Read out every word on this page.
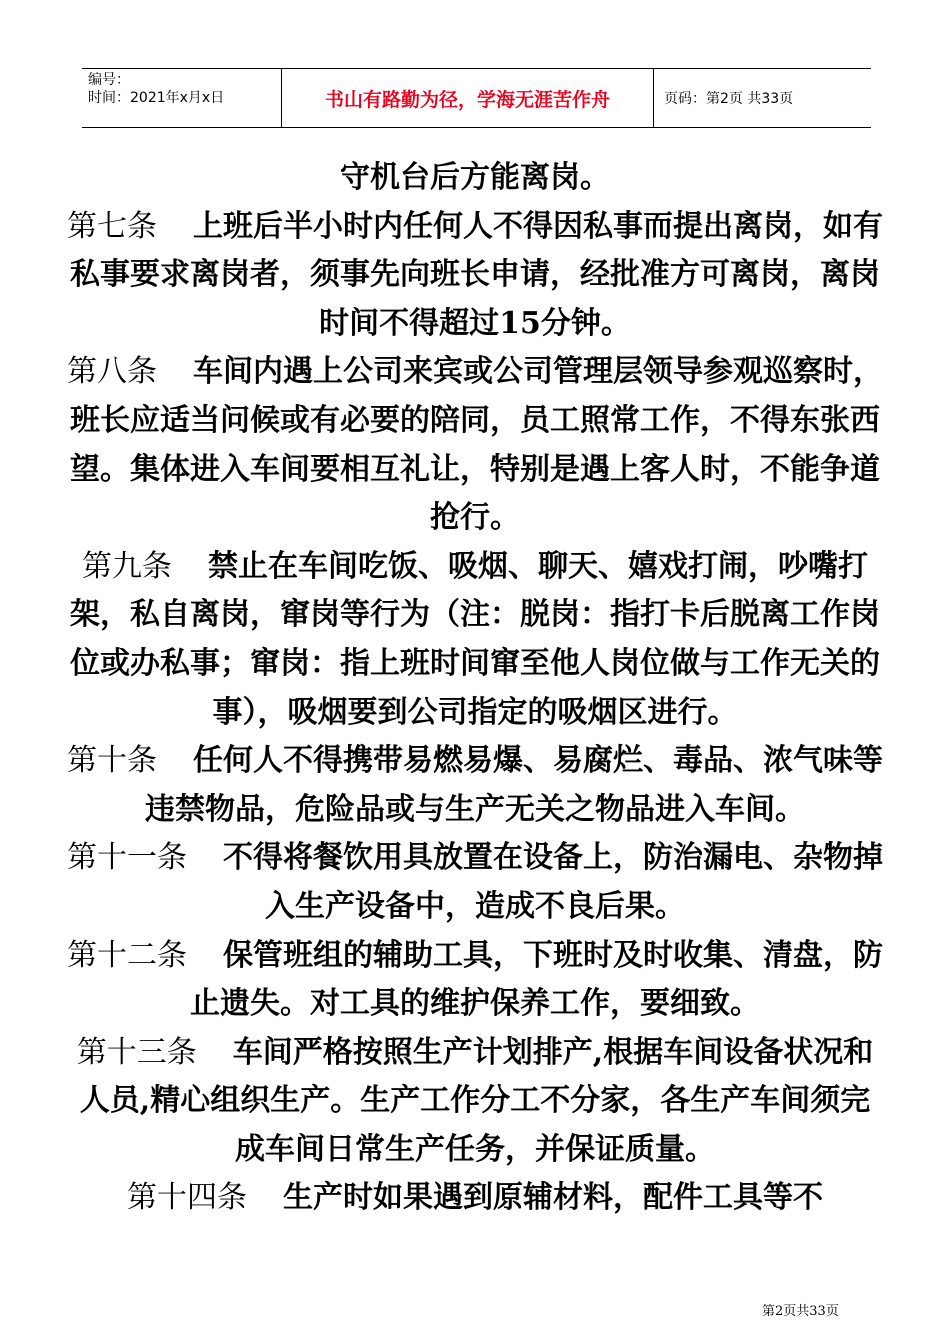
编号：
时间：2021年x月x日	书山有路勤为径，学海无涯苦作舟	页码：第2页 共33页

守机台后方能离岗。

第七条 上班后半小时内任何人不得因私事而提出离岗，如有私事要求离岗者，须事先向班长申请，经批准方可离岗，离岗时间不得超过15分钟。

第八条 车间内遇上公司来宾或公司管理层领导参观巡察时，班长应适当问候或有必要的陪同，员工照常工作，不得东张西望。集体进入车间要相互礼让，特别是遇上客人时，不能争道抢行。

第九条 禁止在车间吃饭、吸烟、聊天、嬉戏打闹，吵嘴打架，私自离岗，窜岗等行为（注：脱岗：指打卡后脱离工作岗位或办私事；窜岗：指上班时间窜至他人岗位做与工作无关的事），吸烟要到公司指定的吸烟区进行。

第十条 任何人不得携带易燃易爆、易腐烂、毒品、浓气味等违禁物品，危险品或与生产无关之物品进入车间。

第十一条 不得将餐饮用具放置在设备上，防治漏电、杂物掉入生产设备中，造成不良后果。

第十二条 保管班组的辅助工具，下班时及时收集、清盘，防止遗失。对工具的维护保养工作，要细致。

第十三条 车间严格按照生产计划排产,根据车间设备状况和人员,精心组织生产。生产工作分工不分家，各生产车间须完成车间日常生产任务，并保证质量。

第十四条 生产时如果遇到原辅材料，配件工具等不

第2页共33页
